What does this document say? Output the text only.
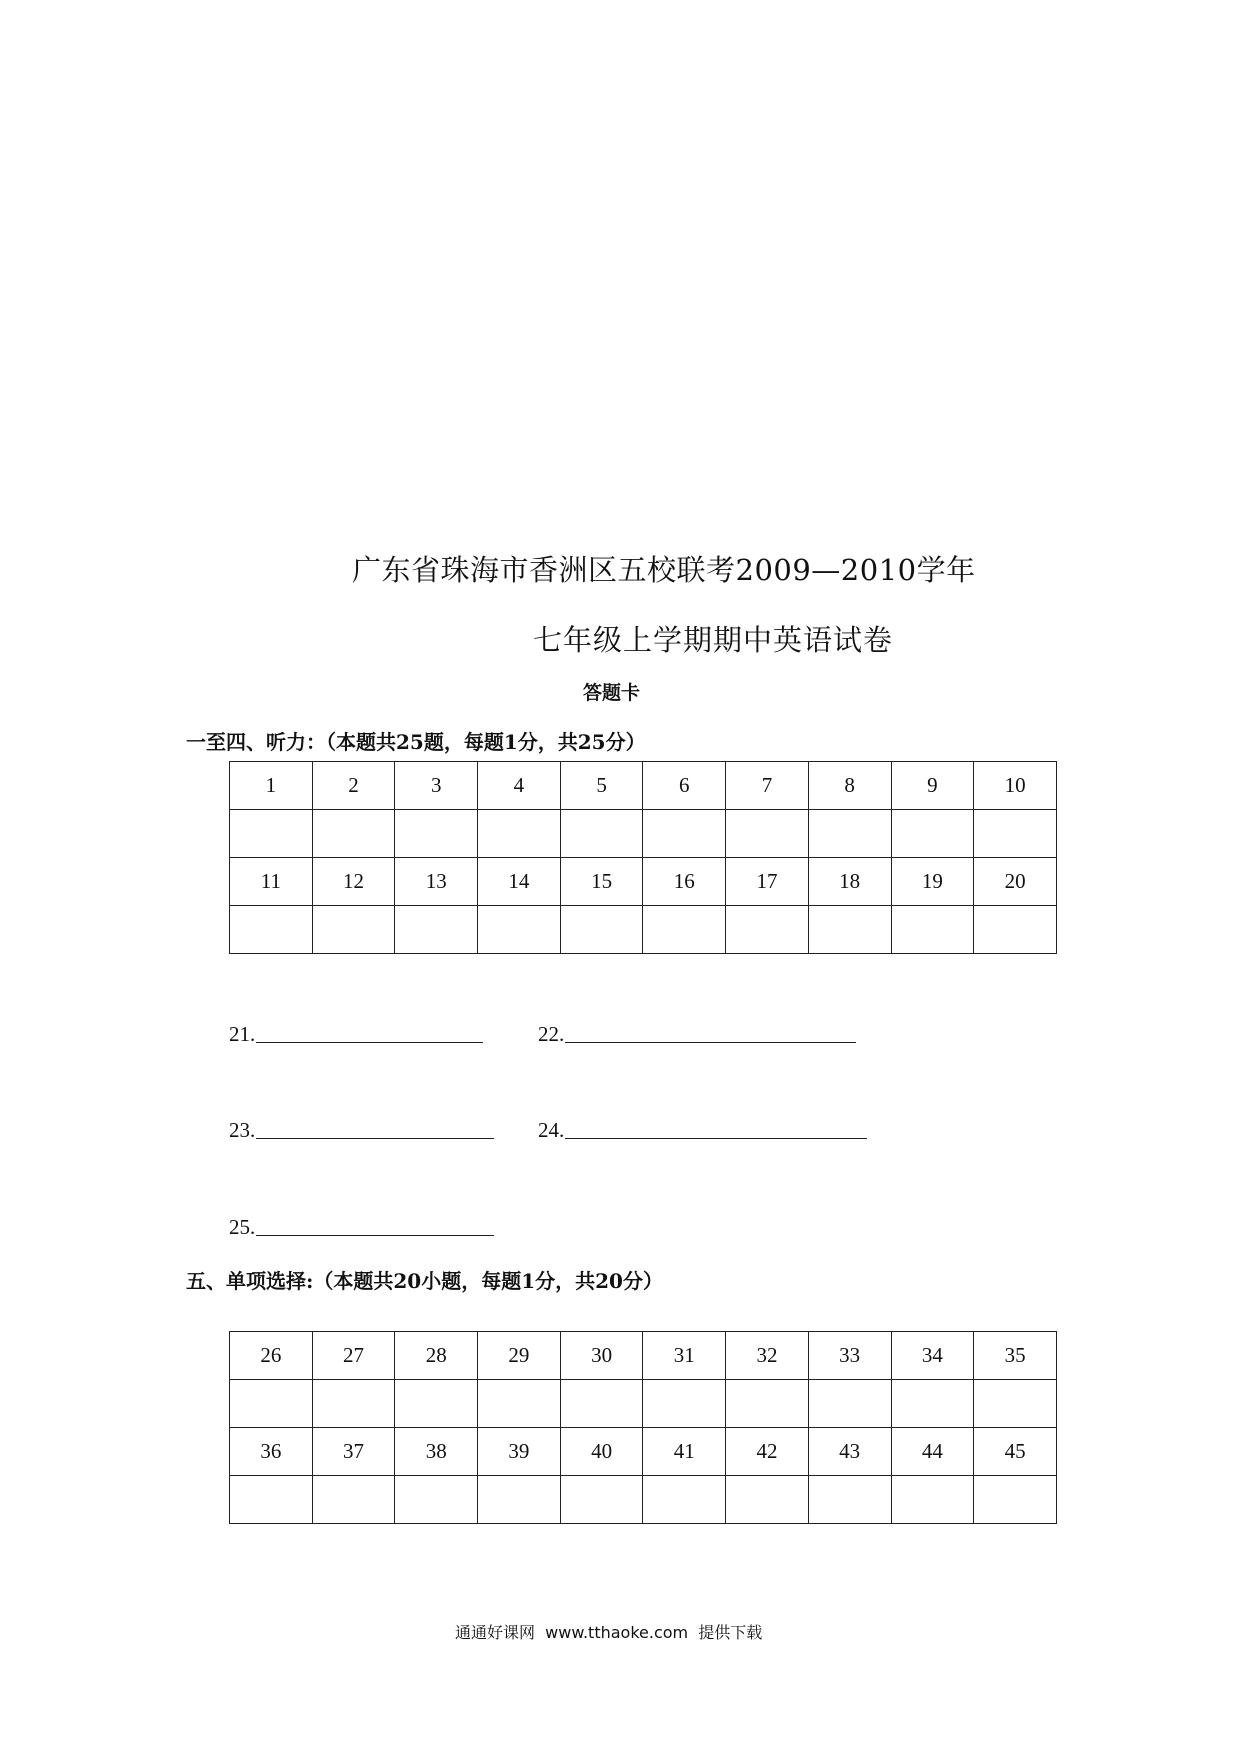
广东省珠海市香洲区五校联考2009—2010学年
七年级上学期期中英语试卷
答题卡
一至四、听力：（本题共25题，每题1分，共25分）
1	2	3	4	5	6	7	8	9	10

11	12	13	14	15	16	17	18	19	20

21.	22.
23.	24.
25.
五、单项选择:（本题共20小题，每题1分，共20分）
26	27	28	29	30	31	32	33	34	35

36	37	38	39	40	41	42	43	44	45

通通好课网  www.tthaoke.com  提供下载
